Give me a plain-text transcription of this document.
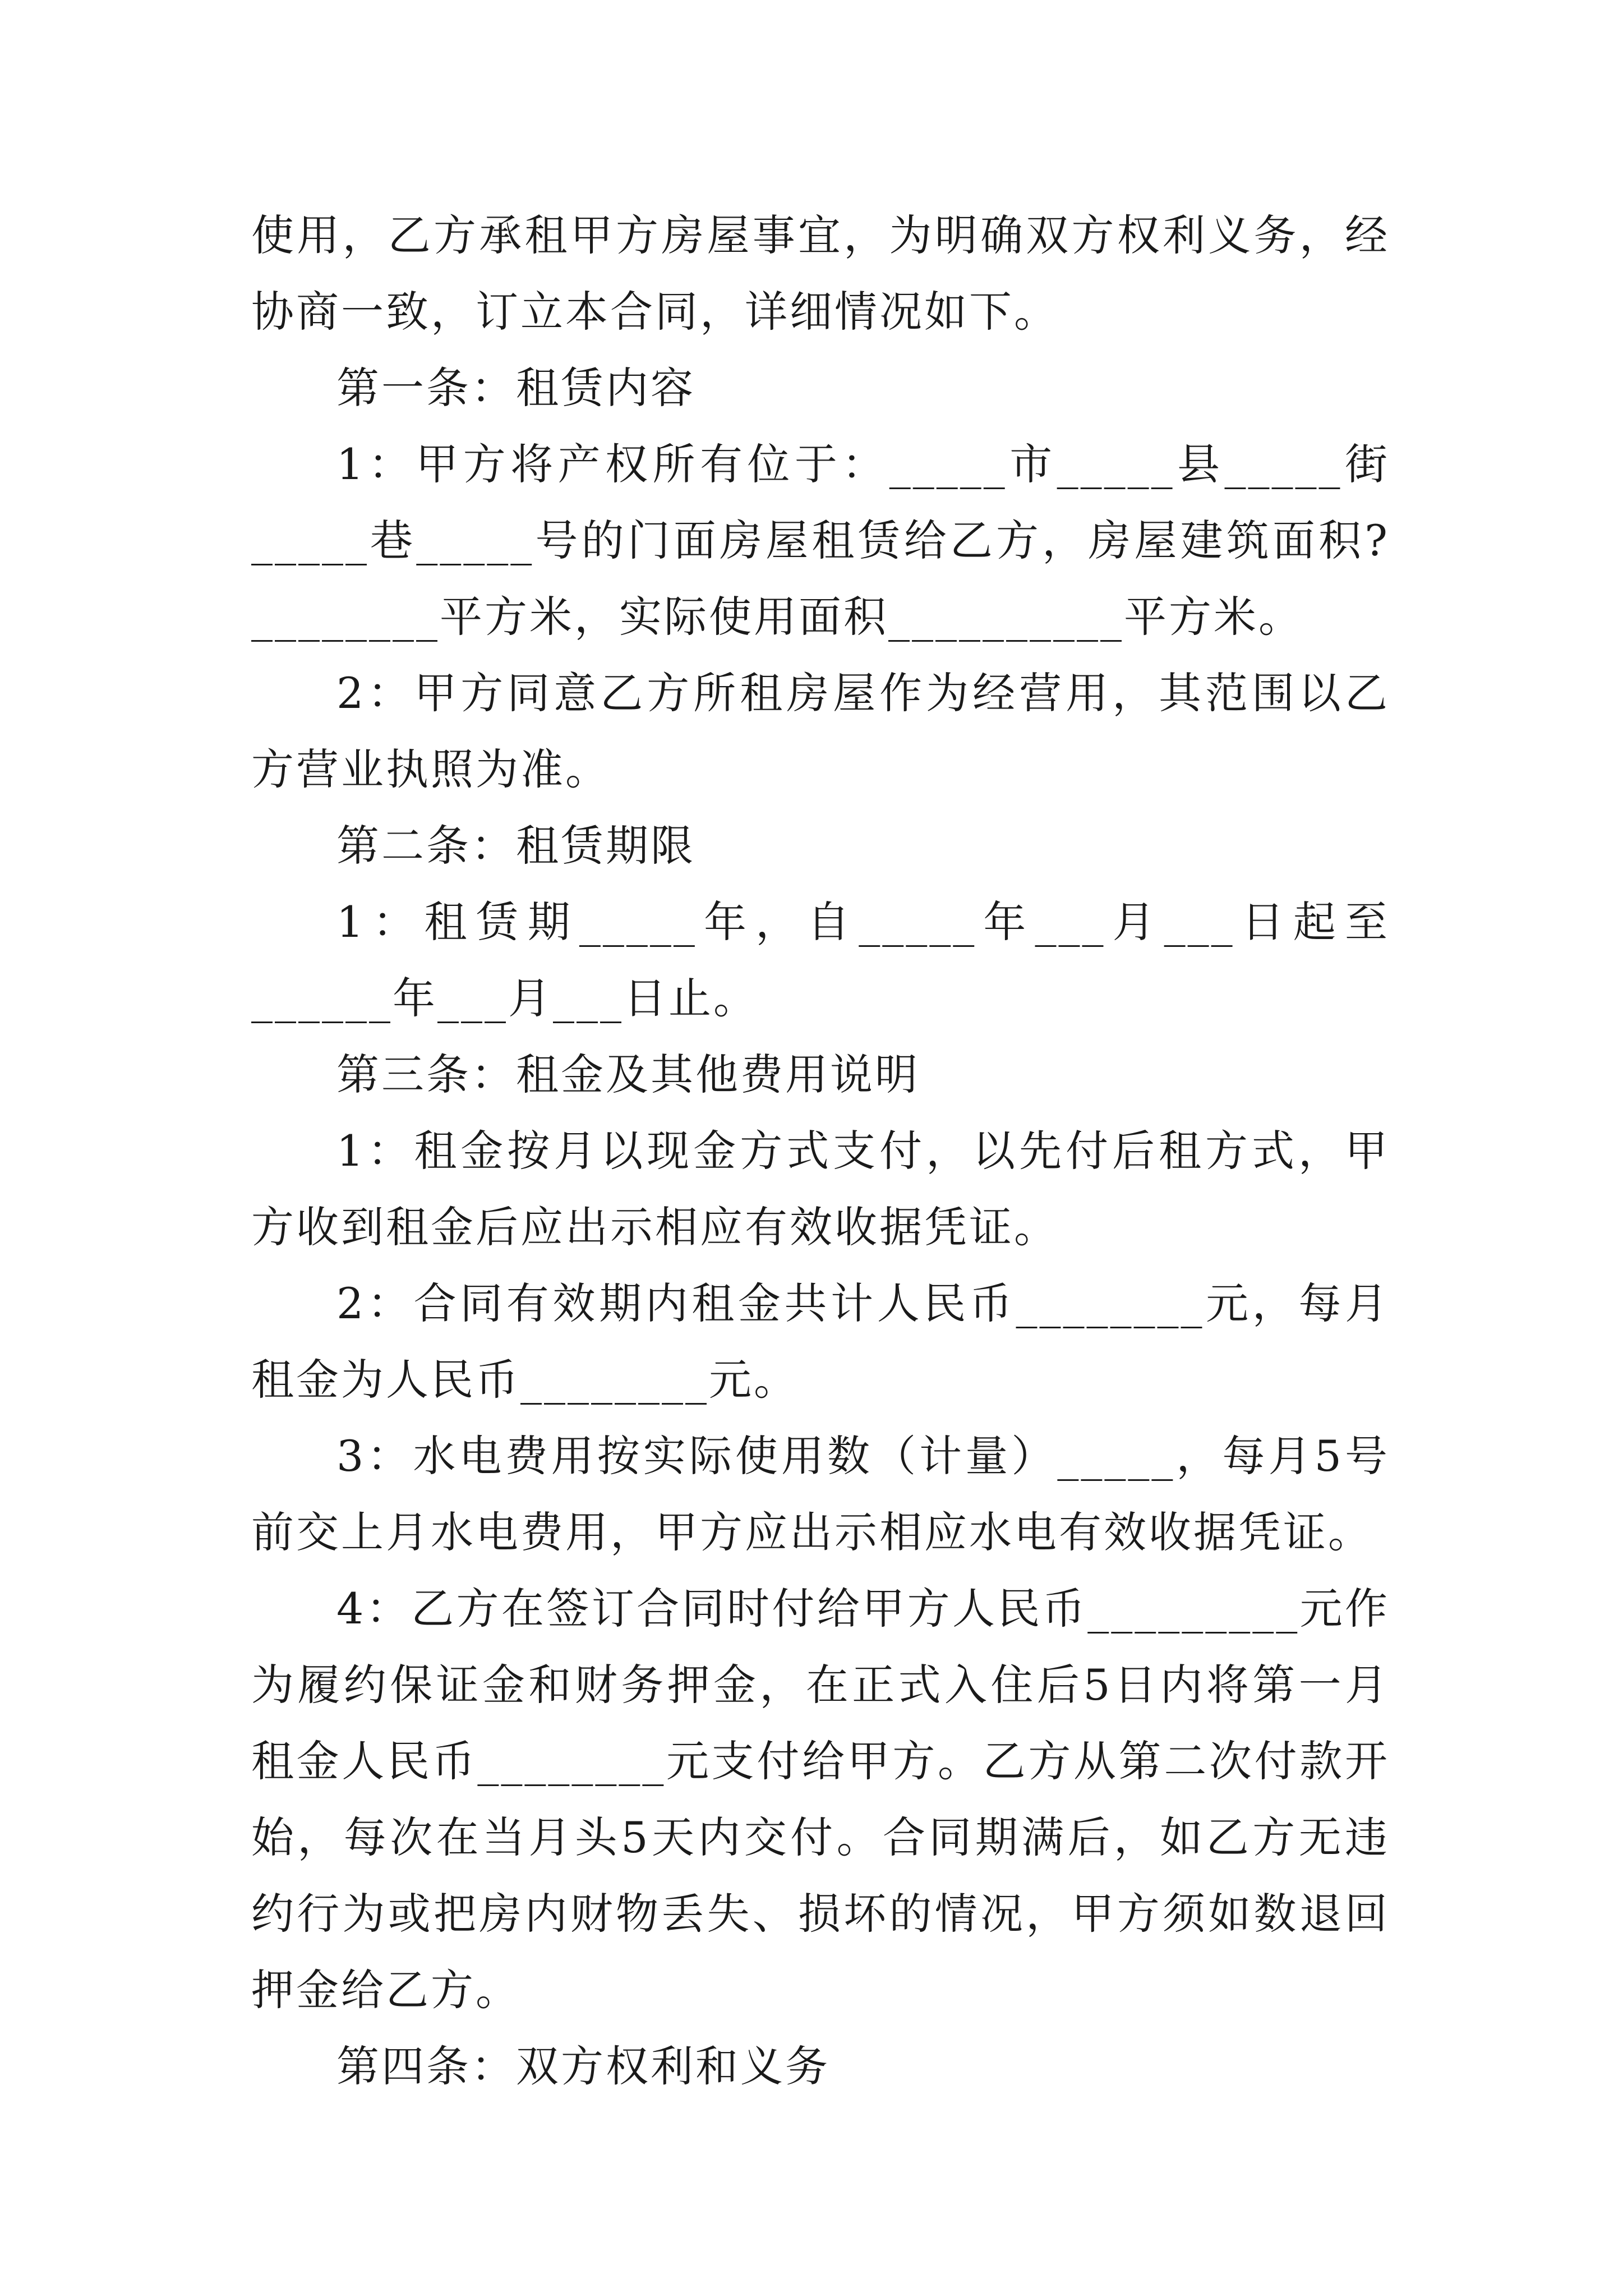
使用，乙方承租甲方房屋事宜，为明确双方权利义务，经协商一致，订立本合同，详细情况如下。

第一条：租赁内容

1：甲方将产权所有位于：_____市_____县_____街_____巷_____号的门面房屋租赁给乙方，房屋建筑面积?________平方米，实际使用面积__________平方米。

2：甲方同意乙方所租房屋作为经营用，其范围以乙方营业执照为准。

第二条：租赁期限

1：租赁期_____年，自_____年___月___日起至______年___月___日止。

第三条：租金及其他费用说明

1：租金按月以现金方式支付，以先付后租方式，甲方收到租金后应出示相应有效收据凭证。

2：合同有效期内租金共计人民币________元，每月租金为人民币________元。

3：水电费用按实际使用数（计量）_____，每月5号前交上月水电费用，甲方应出示相应水电有效收据凭证。

4：乙方在签订合同时付给甲方人民币_________元作为履约保证金和财务押金，在正式入住后5日内将第一月租金人民币________元支付给甲方。乙方从第二次付款开始，每次在当月头5天内交付。合同期满后，如乙方无违约行为或把房内财物丢失、损坏的情况，甲方须如数退回押金给乙方。

第四条：双方权利和义务
